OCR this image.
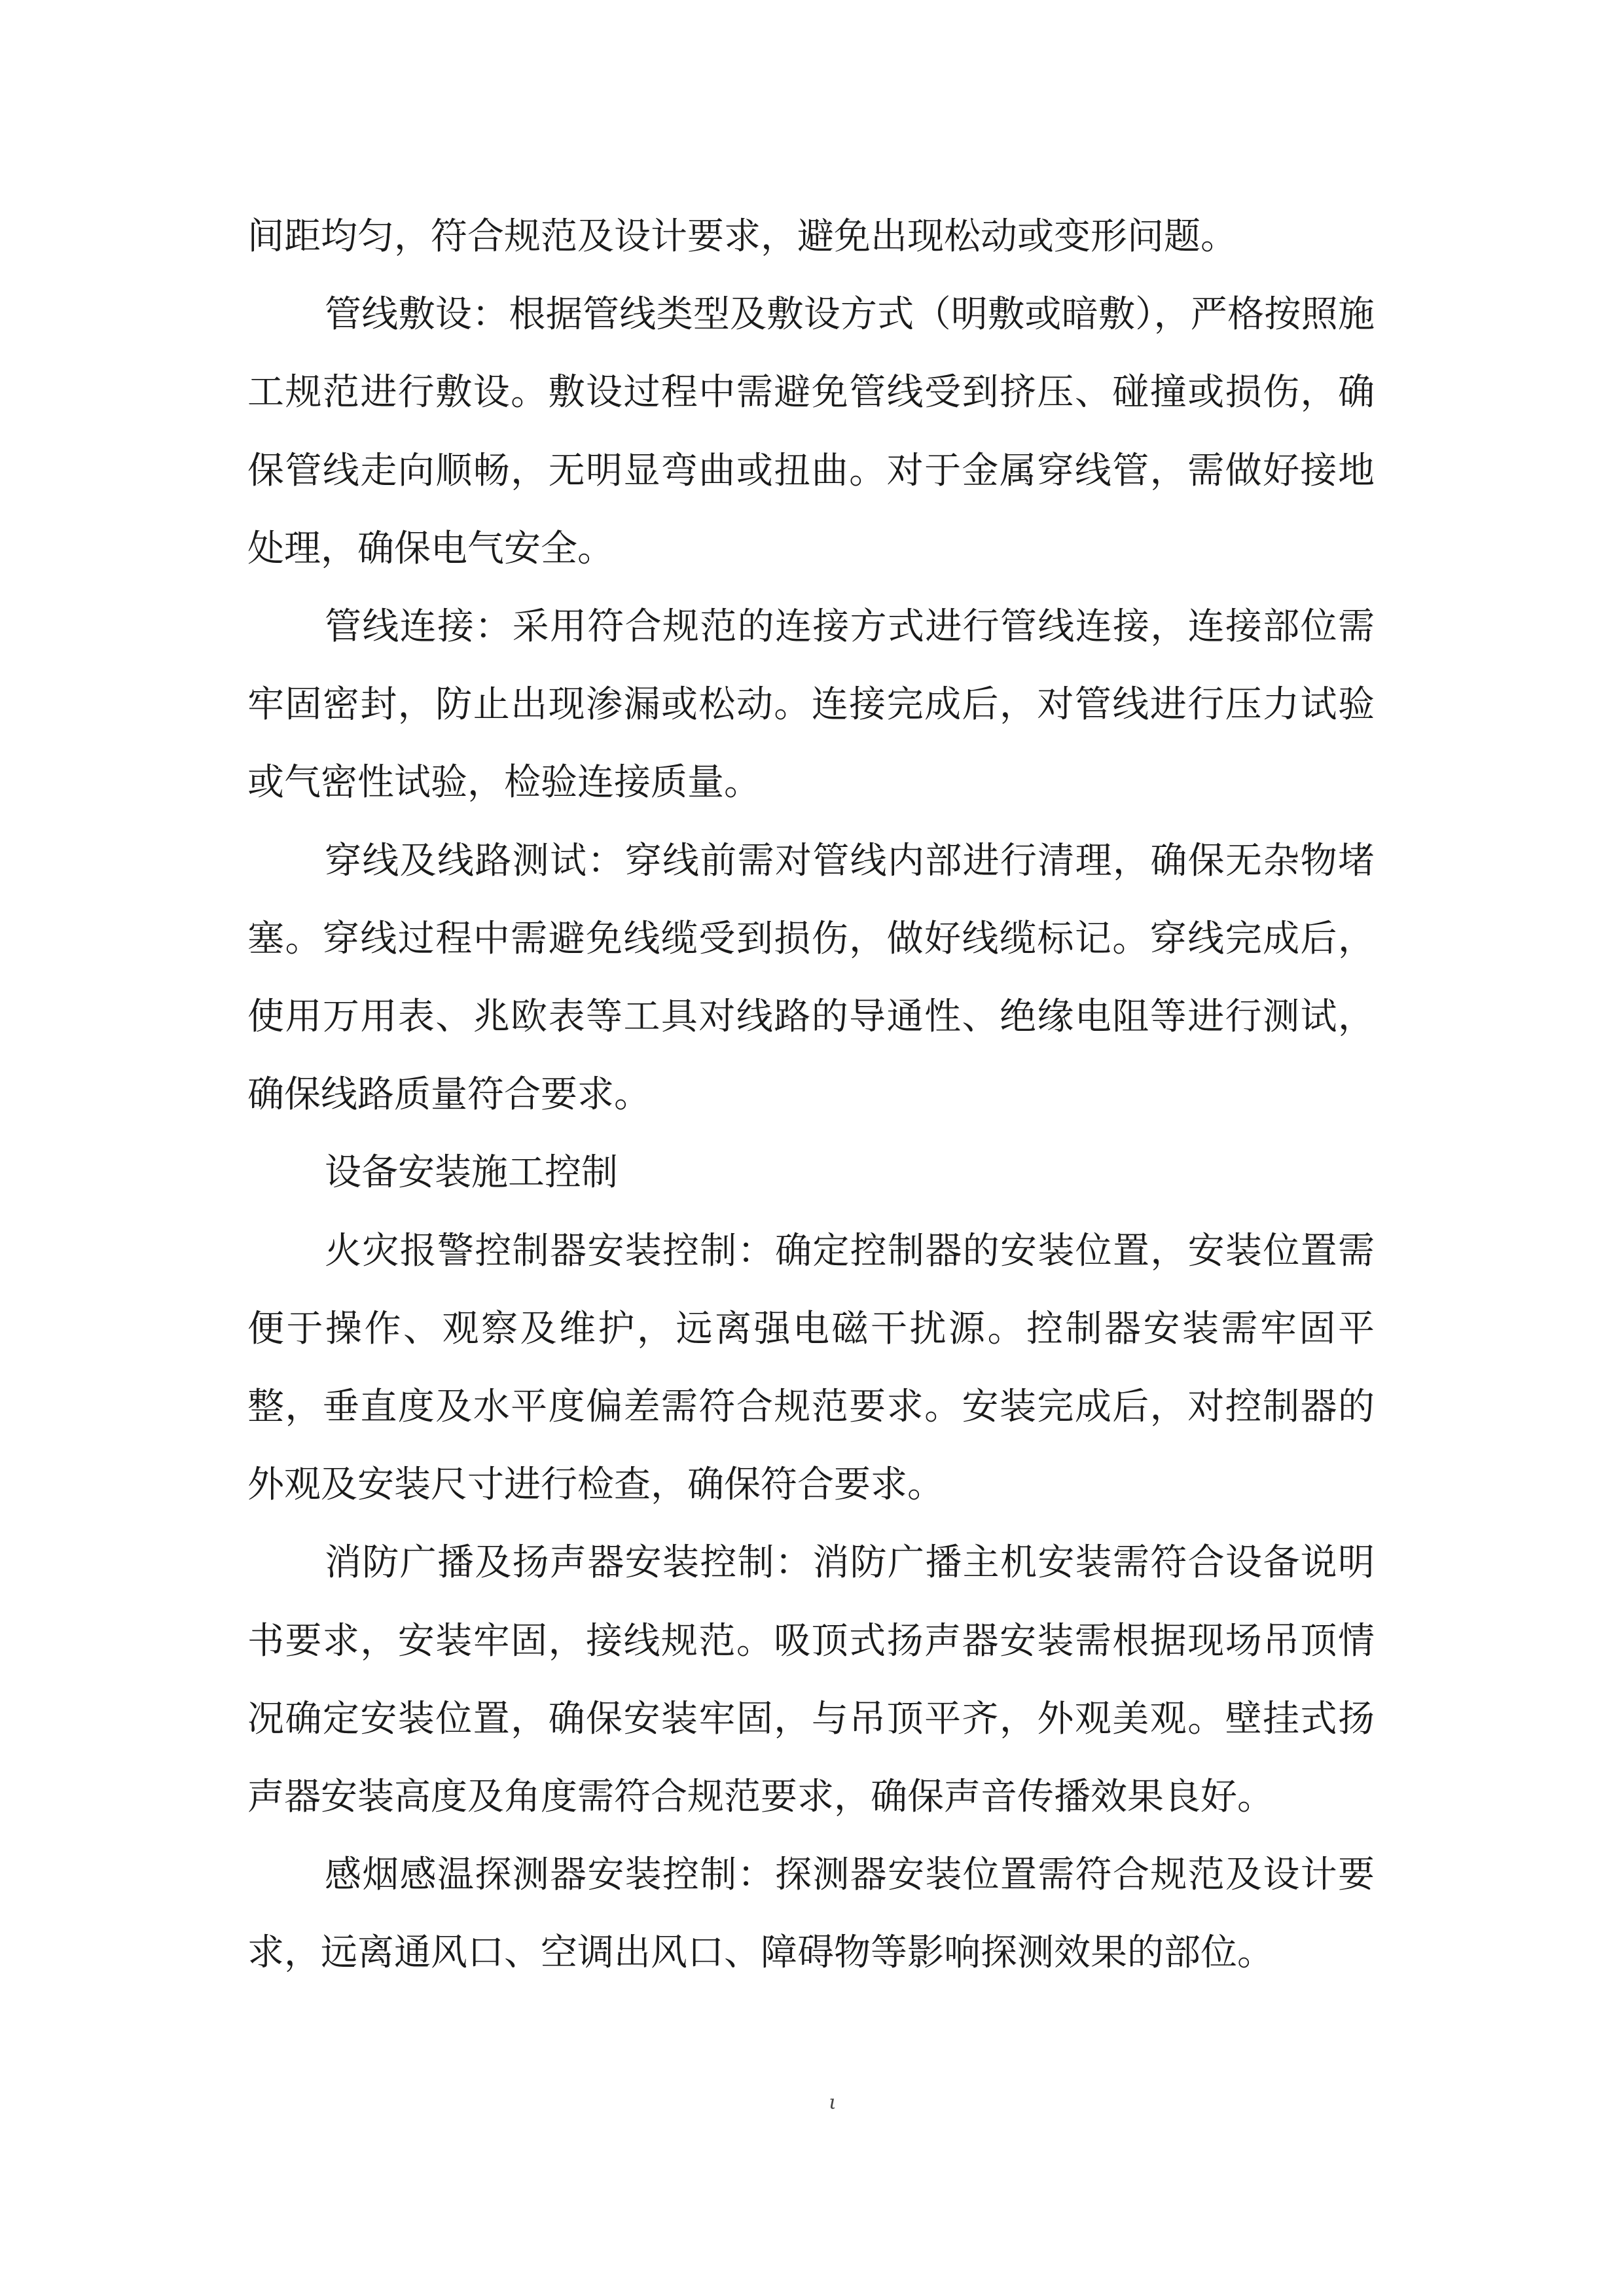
间距均匀，符合规范及设计要求，避免出现松动或变形问题。

管线敷设：根据管线类型及敷设方式（明敷或暗敷），严格按照施工规范进行敷设。敷设过程中需避免管线受到挤压、碰撞或损伤，确保管线走向顺畅，无明显弯曲或扭曲。对于金属穿线管，需做好接地处理，确保电气安全。

管线连接：采用符合规范的连接方式进行管线连接，连接部位需牢固密封，防止出现渗漏或松动。连接完成后，对管线进行压力试验或气密性试验，检验连接质量。

穿线及线路测试：穿线前需对管线内部进行清理，确保无杂物堵塞。穿线过程中需避免线缆受到损伤，做好线缆标记。穿线完成后，使用万用表、兆欧表等工具对线路的导通性、绝缘电阻等进行测试，确保线路质量符合要求。

设备安装施工控制

火灾报警控制器安装控制：确定控制器的安装位置，安装位置需便于操作、观察及维护，远离强电磁干扰源。控制器安装需牢固平整，垂直度及水平度偏差需符合规范要求。安装完成后，对控制器的外观及安装尺寸进行检查，确保符合要求。

消防广播及扬声器安装控制：消防广播主机安装需符合设备说明书要求，安装牢固，接线规范。吸顶式扬声器安装需根据现场吊顶情况确定安装位置，确保安装牢固，与吊顶平齐，外观美观。壁挂式扬声器安装高度及角度需符合规范要求，确保声音传播效果良好。

感烟感温探测器安装控制：探测器安装位置需符合规范及设计要求，远离通风口、空调出风口、障碍物等影响探测效果的部位。

ι
